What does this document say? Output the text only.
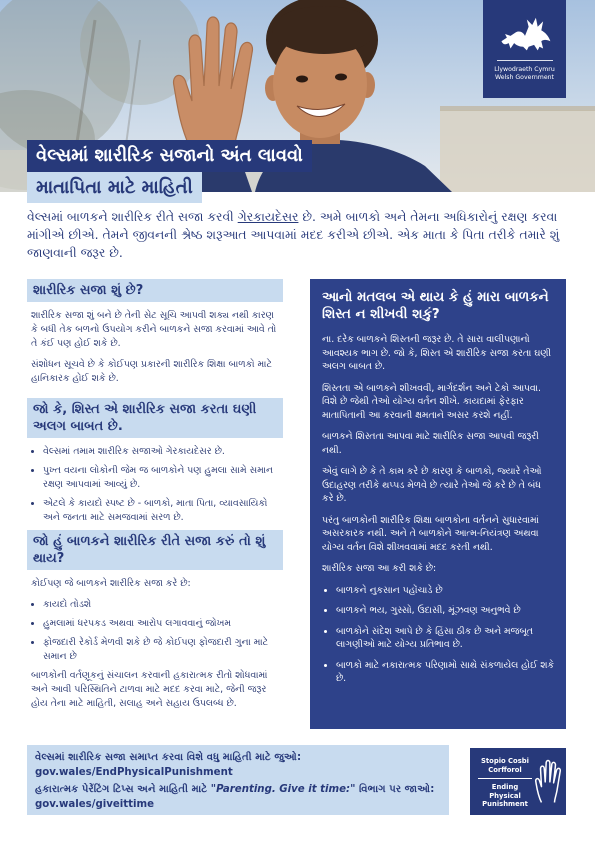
Llywodraeth Cymru
Welsh Government
વેલ્સમાં શારીરિક સજાનો અંત લાવવો
માતાપિતા માટે માહિતી

વેલ્સમાં બાળકને શારીરિક રીતે સજા કરવી ગેરકાયદેસર છે. અમે બાળકો અને તેમના અધિકારોનું રક્ષણ કરવા માંગીએ છીએ. તેમને જીવનની શ્રેષ્ઠ શરૂઆત આપવામાં મદદ કરીએ છીએ. એક માતા કે પિતા તરીકે તમારે શું જાણવાની જરૂર છે.

શારીરિક સજા શું છે?

શારીરિક સજા શું બને છે તેની સેટ સૂચિ આપવી શક્ય નથી કારણ કે બધી તેક બળનો ઉપયોગ કરીને બાળકને સજા કરવામાં આવે તો તે કંઈ પણ હોઈ શકે છે.

સંશોધન સૂચવે છે કે કોઈપણ પ્રકારની શારીરિક શિક્ષા બાળકો માટે હાનિકારક હોઈ શકે છે.

જો કે, શિસ્ત એ શારીરિક સજા કરતા ઘણી અલગ બાબત છે.
• વેલ્સમાં તમામ શારીરિક સજાઓ ગેરકાયદેસર છે.
• પુખ્ત વયના લોકોની જેમ જ બાળકોને પણ હુમલા સામે સમાન રક્ષણ આપવામાં આવ્યું છે.
• એટલે કે કાયદો સ્પષ્ટ છે - બાળકો, માતા પિતા, વ્યાવસાયિકો અને જનતા માટે સમજવામાં સરળ છે.
જો હું બાળકને શારીરિક રીતે સજા કરું તો શું થાય?

કોઈપણ જે બાળકને શારીરિક સજા કરે છે:

• કાયદો તોડશે
• હુમલામાં ધરપકડ અથવા આરોપ લગાવવાનું જોખમ
• ફોજદારી રેકોર્ડ મેળવી શકે છે જે કોઈપણ ફોજદારી ગુના માટે સમાન છે

બાળકોની વર્તણૂકનું સંચાલન કરવાની હકારાત્મક રીતો શોધવામાં અને આવી પરિસ્થિતિને ટાળવા માટે મદદ કરવા માટે, જેની જરૂર હોય તેના માટે માહિતી, સલાહ અને સહાય ઉપલબ્ધ છે.

આનો મતલબ એ થાય કે હું મારા બાળકને શિસ્ત ન શીખવી શકું?

ના. દરેક બાળકને શિસ્તની જરૂર છે. તે સારા વાલીપણાનો આવશ્યક ભાગ છે. જો કે, શિસ્ત એ શારીરિક સજા કરતા ઘણી અલગ બાબત છે.

શિસ્તતા એ બાળકને શીખવવી, માર્ગદર્શન અને ટેકો આપવા. વિશે છે જેથી તેઓ યોગ્ય વર્તન શીખે. કાયદામાં ફેરફાર માતાપિતાની આ કરવાની ક્ષમતાને અસર કરશે નહીં.

બાળકને શિસ્તતા આપવા માટે શારીરિક સજા આપવી જરૂરી નથી.

એવું લાગે છે કે તે કામ કરે છે કારણ કે બાળકો, જ્યારે તેઓ ઉદાહરણ તરીકે થપ્પડ મેળવે છે ત્યારે તેઓ જે કરે છે તે બંધ કરે છે.

પરંતુ બાળકોની શારીરિક શિક્ષા બાળકોના વર્તનને સુધારવામાં અસરકારક નથી. અને તે બાળકોને આત્મ-નિયંત્રણ અથવા યોગ્ય વર્તન વિશે શીખવવામાં મદદ કરતી નથી.

શારીરિક સજા આ કરી શકે છે:

• બાળકને નુકસાન પહોંચાડે છે
• બાળકને ભય, ગુસ્સો, ઉદાસી, મૂંઝવણ અનુભવે છે
• બાળકોને સંદેશ આપે છે કે હિંસા ઠીક છે અને મજબૂત લાગણીઓ માટે યોગ્ય પ્રતિભાવ છે.
• બાળકો માટે નકારાત્મક પરિણામો સાથે સંકળાયેલ હોઈ શકે છે.
વેલ્સમાં શારીરિક સજા સમાપ્ત કરવા વિશે વધુ માહિતી માટે જુઓ:
gov.wales/EndPhysicalPunishment
હકારાત્મક પેરેંટિંગ ટિપ્સ અને માહિતી માટે "Parenting. Give it time:" વિભાગ પર જાઓ:
gov.wales/giveittime
Stopio Cosbi Corfforol
Ending Physical Punishment
